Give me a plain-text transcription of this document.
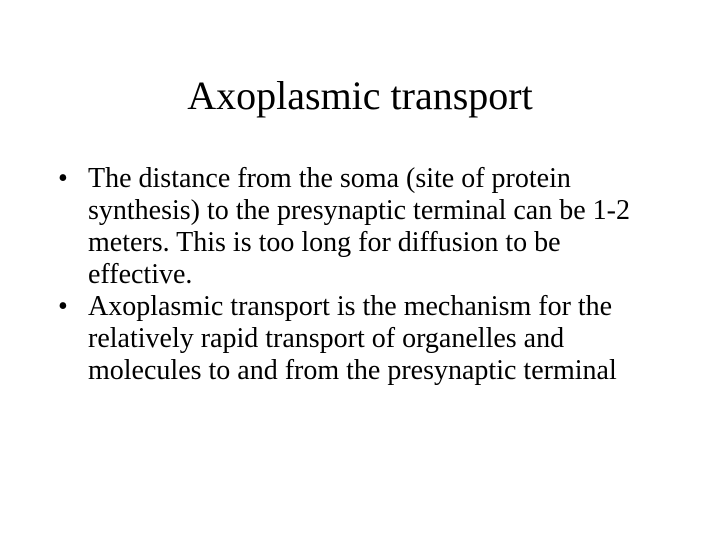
Axoplasmic transport
• The distance from the soma (site of protein synthesis) to the presynaptic terminal can be 1-2 meters. This is too long for diffusion to be effective.
• Axoplasmic transport is the mechanism for the relatively rapid transport of organelles and molecules to and from the presynaptic terminal
